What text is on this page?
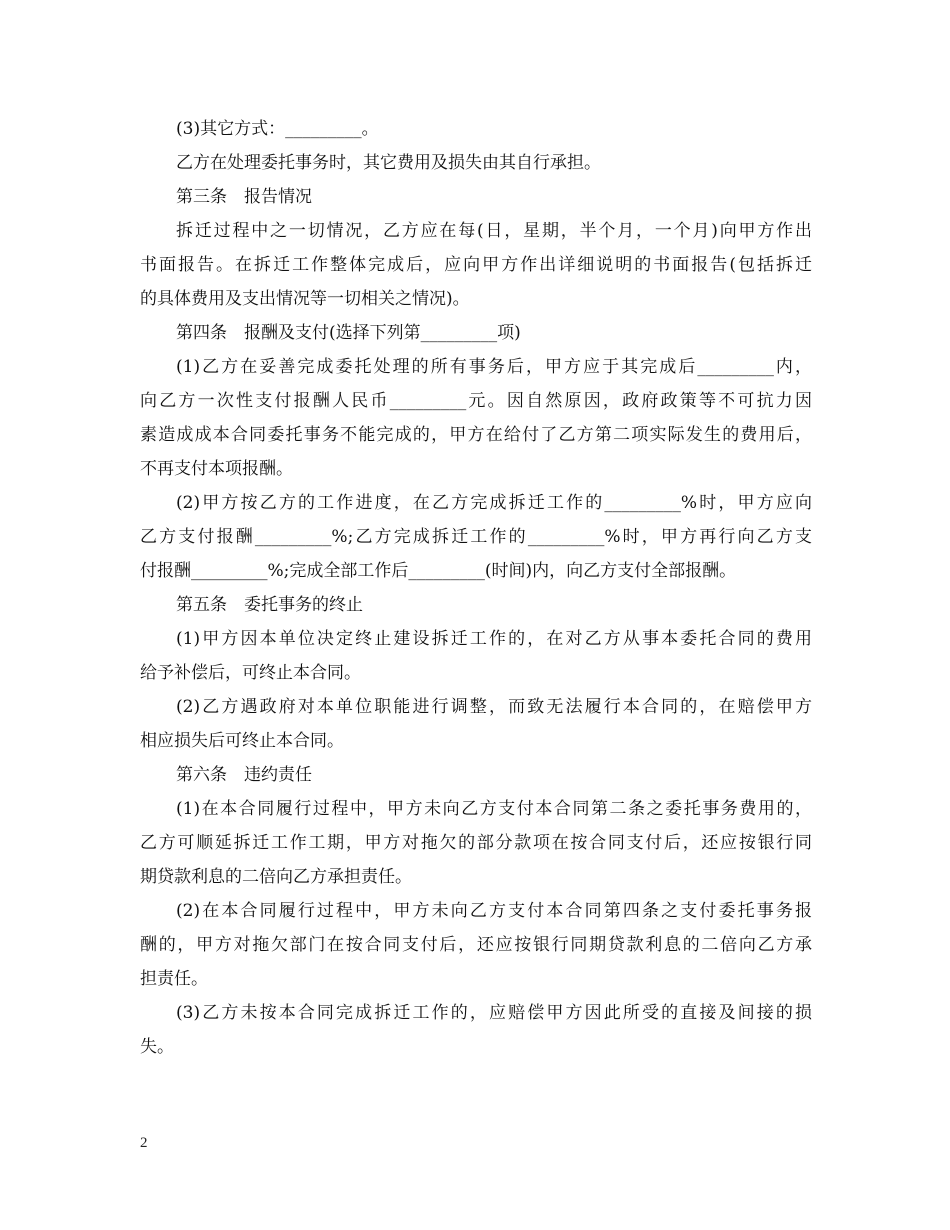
(3)其它方式：_________。
乙方在处理委托事务时，其它费用及损失由其自行承担。
第三条　报告情况
拆迁过程中之一切情况，乙方应在每(日，星期，半个月，一个月)向甲方作出
书面报告。在拆迁工作整体完成后，应向甲方作出详细说明的书面报告(包括拆迁
的具体费用及支出情况等一切相关之情况)。
第四条　报酬及支付(选择下列第_________项)
(1)乙方在妥善完成委托处理的所有事务后，甲方应于其完成后_________内，
向乙方一次性支付报酬人民币_________元。因自然原因，政府政策等不可抗力因
素造成成本合同委托事务不能完成的，甲方在给付了乙方第二项实际发生的费用后，
不再支付本项报酬。
(2)甲方按乙方的工作进度，在乙方完成拆迁工作的_________%时，甲方应向
乙方支付报酬_________%;乙方完成拆迁工作的_________%时，甲方再行向乙方支
付报酬_________%;完成全部工作后_________(时间)内，向乙方支付全部报酬。
第五条　委托事务的终止
(1)甲方因本单位决定终止建设拆迁工作的，在对乙方从事本委托合同的费用
给予补偿后，可终止本合同。
(2)乙方遇政府对本单位职能进行调整，而致无法履行本合同的，在赔偿甲方
相应损失后可终止本合同。
第六条　违约责任
(1)在本合同履行过程中，甲方未向乙方支付本合同第二条之委托事务费用的，
乙方可顺延拆迁工作工期，甲方对拖欠的部分款项在按合同支付后，还应按银行同
期贷款利息的二倍向乙方承担责任。
(2)在本合同履行过程中，甲方未向乙方支付本合同第四条之支付委托事务报
酬的，甲方对拖欠部门在按合同支付后，还应按银行同期贷款利息的二倍向乙方承
担责任。
(3)乙方未按本合同完成拆迁工作的，应赔偿甲方因此所受的直接及间接的损
失。
2
